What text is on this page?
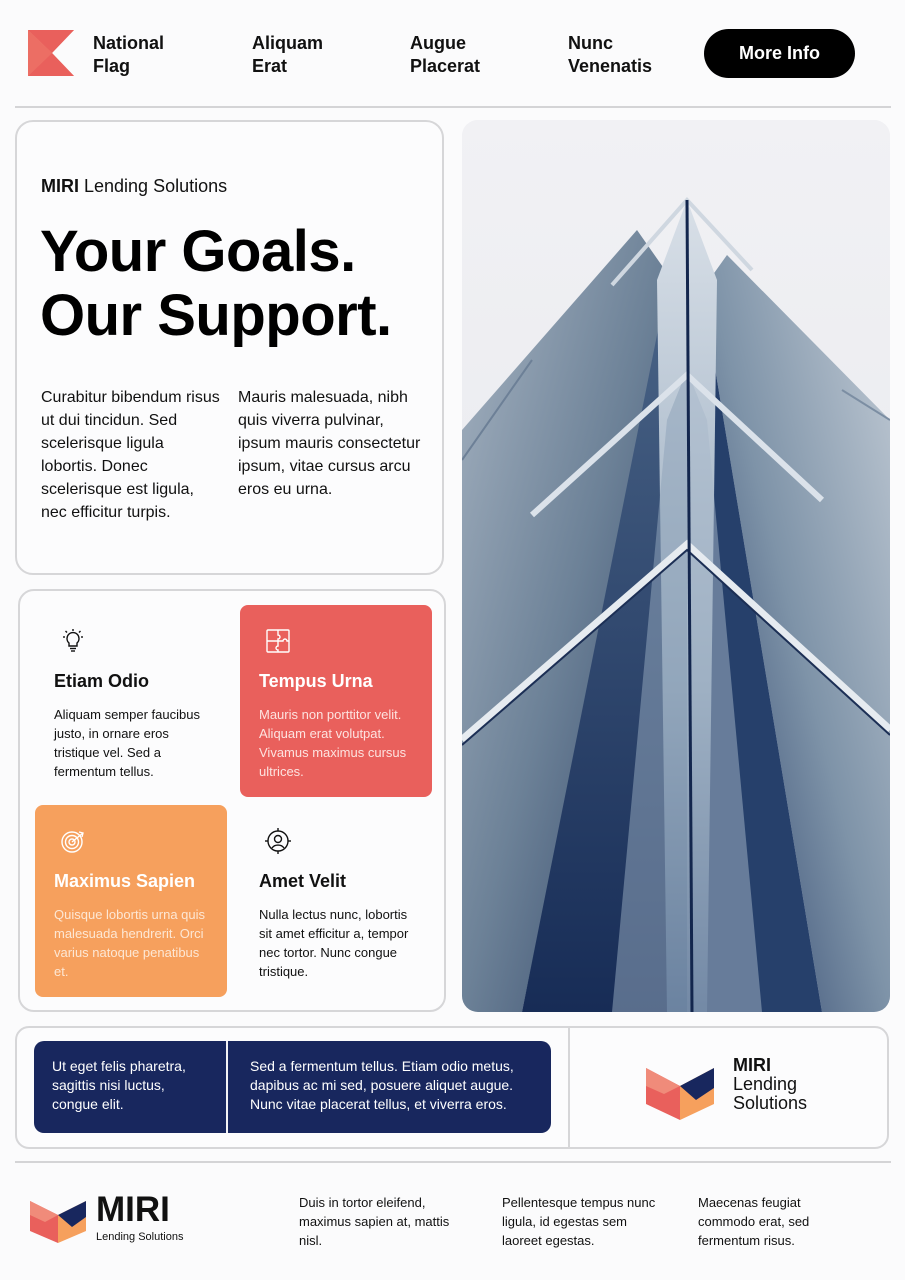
National
Flag
Aliquam
Erat
Augue
Placerat
Nunc
Venenatis
More Info
MIRI Lending Solutions
Your Goals.
Our Support.

Curabitur bibendum risus ut dui tincidun. Sed scelerisque ligula lobortis. Donec scelerisque est ligula, nec efficitur turpis.

Mauris malesuada, nibh quis viverra pulvinar, ipsum mauris consectetur ipsum, vitae cursus arcu eros eu urna.

Etiam Odio
Aliquam semper faucibus justo, in ornare eros tristique vel. Sed a fermentum tellus.
Tempus Urna
Mauris non porttitor velit. Aliquam erat volutpat. Vivamus maximus cursus ultrices.
Maximus Sapien
Quisque lobortis urna quis malesuada hendrerit. Orci varius natoque penatibus et.
Amet Velit
Nulla lectus nunc, lobortis sit amet efficitur a, tempor nec tortor. Nunc congue tristique.
Ut eget felis pharetra, sagittis nisi luctus, congue elit.
Sed a fermentum tellus. Etiam odio metus, dapibus ac mi sed, posuere aliquet augue. Nunc vitae placerat tellus, et viverra eros.
MIRI
Lending
Solutions
MIRI
Lending Solutions
Duis in tortor eleifend, maximus sapien at, mattis nisl.
Pellentesque tempus nunc ligula, id egestas sem laoreet egestas.
Maecenas feugiat commodo erat, sed fermentum risus.
